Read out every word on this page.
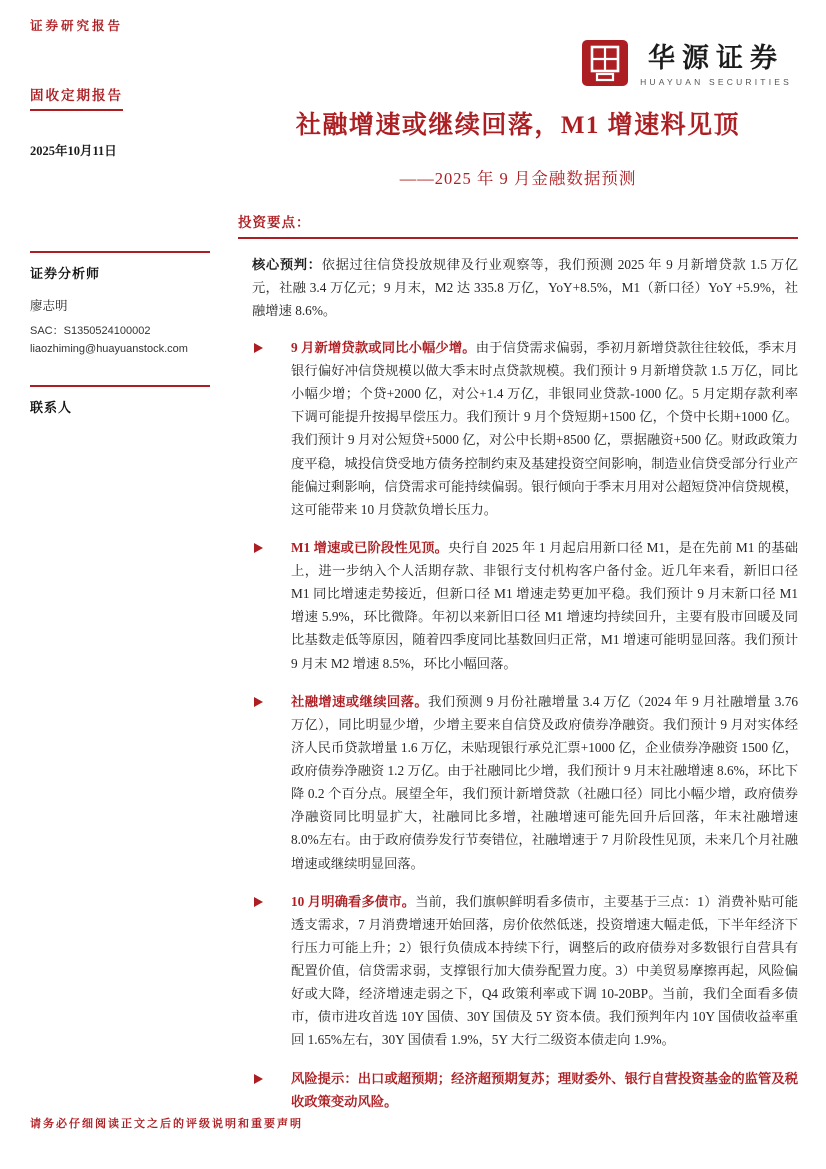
证券研究报告
华源证券
HUAYUAN SECURITIES
固收定期报告
2025年10月11日
证券分析师
廖志明
SAC：S1350524100002
liaozhiming@huayuanstock.com
联系人
社融增速或继续回落，M1 增速料见顶
——2025 年 9 月金融数据预测
投资要点：

核心预判：依据过往信贷投放规律及行业观察等，我们预测 2025 年 9 月新增贷款 1.5 万亿元，社融 3.4 万亿元；9 月末，M2 达 335.8 万亿，YoY+8.5%，M1（新口径）YoY +5.9%，社融增速 8.6%。

9 月新增贷款或同比小幅少增。由于信贷需求偏弱，季初月新增贷款往往较低，季末月银行偏好冲信贷规模以做大季末时点贷款规模。我们预计 9 月新增贷款 1.5 万亿，同比小幅少增；个贷+2000 亿，对公+1.4 万亿，非银同业贷款-1000 亿。5 月定期存款利率下调可能提升按揭早偿压力。我们预计 9 月个贷短期+1500 亿，个贷中长期+1000 亿。我们预计 9 月对公短贷+5000 亿，对公中长期+8500 亿，票据融资+500 亿。财政政策力度平稳，城投信贷受地方债务控制约束及基建投资空间影响，制造业信贷受部分行业产能偏过剩影响，信贷需求可能持续偏弱。银行倾向于季末月用对公超短贷冲信贷规模，这可能带来 10 月贷款负增长压力。
M1 增速或已阶段性见顶。央行自 2025 年 1 月起启用新口径 M1，是在先前 M1 的基础上，进一步纳入个人活期存款、非银行支付机构客户备付金。近几年来看，新旧口径 M1 同比增速走势接近，但新口径 M1 增速走势更加平稳。我们预计 9 月末新口径 M1 增速 5.9%，环比微降。年初以来新旧口径 M1 增速均持续回升，主要有股市回暖及同比基数走低等原因，随着四季度同比基数回归正常，M1 增速可能明显回落。我们预计 9 月末 M2 增速 8.5%，环比小幅回落。
社融增速或继续回落。我们预测 9 月份社融增量 3.4 万亿（2024 年 9 月社融增量 3.76 万亿），同比明显少增，少增主要来自信贷及政府债券净融资。我们预计 9 月对实体经济人民币贷款增量 1.6 万亿，未贴现银行承兑汇票+1000 亿，企业债券净融资 1500 亿，政府债券净融资 1.2 万亿。由于社融同比少增，我们预计 9 月末社融增速 8.6%，环比下降 0.2 个百分点。展望全年，我们预计新增贷款（社融口径）同比小幅少增，政府债券净融资同比明显扩大，社融同比多增，社融增速可能先回升后回落，年末社融增速 8.0%左右。由于政府债券发行节奏错位，社融增速于 7 月阶段性见顶，未来几个月社融增速或继续明显回落。
10 月明确看多债市。当前，我们旗帜鲜明看多债市，主要基于三点：1）消费补贴可能透支需求，7 月消费增速开始回落，房价依然低迷，投资增速大幅走低，下半年经济下行压力可能上升；2）银行负债成本持续下行，调整后的政府债券对多数银行自营具有配置价值，信贷需求弱，支撑银行加大债券配置力度。3）中美贸易摩擦再起，风险偏好或大降，经济增速走弱之下，Q4 政策利率或下调 10-20BP。当前，我们全面看多债市，债市进攻首选 10Y 国债、30Y 国债及 5Y 资本债。我们预判年内 10Y 国债收益率重回 1.65%左右，30Y 国债看 1.9%，5Y 大行二级资本债走向 1.9%。
风险提示：出口或超预期；经济超预期复苏；理财委外、银行自营投资基金的监管及税收政策变动风险。
请务必仔细阅读正文之后的评级说明和重要声明
